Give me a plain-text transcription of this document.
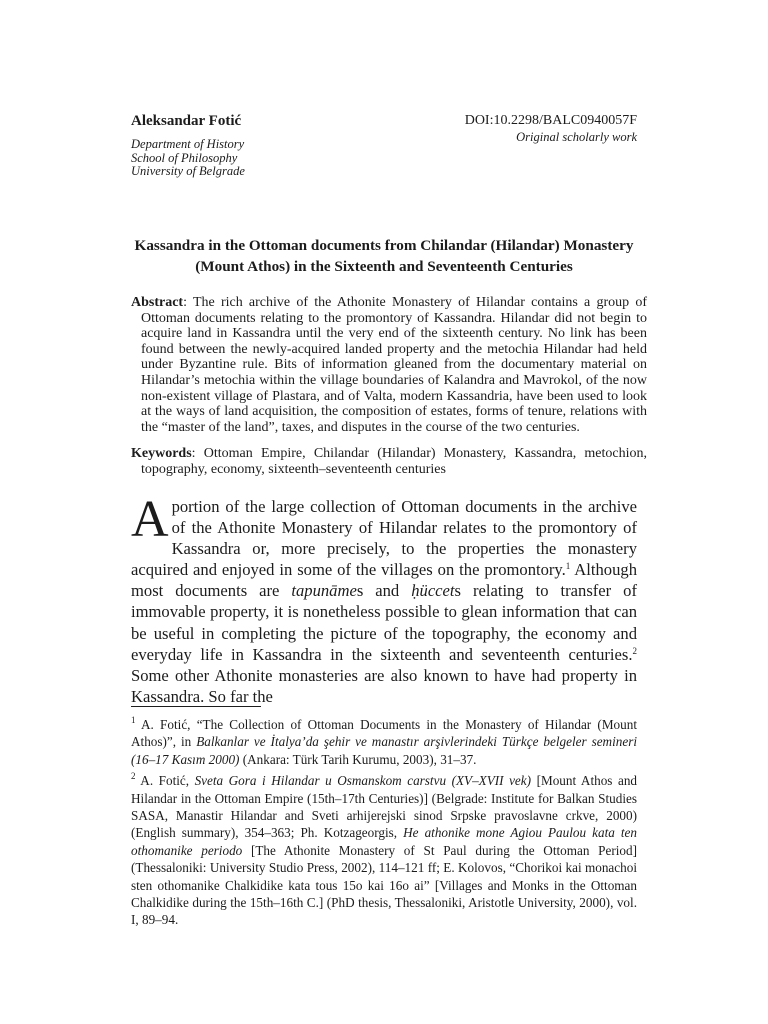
Aleksandar Fotić
Department of History
School of Philosophy
University of Belgrade
DOI:10.2298/BALC0940057F
Original scholarly work
Kassandra in the Ottoman documents from Chilandar (Hilandar) Monastery (Mount Athos) in the Sixteenth and Seventeenth Centuries
Abstract: The rich archive of the Athonite Monastery of Hilandar contains a group of Ottoman documents relating to the promontory of Kassandra. Hilandar did not begin to acquire land in Kassandra until the very end of the sixteenth century. No link has been found between the newly-acquired landed property and the metochia Hilandar had held under Byzantine rule. Bits of information gleaned from the documentary material on Hilandar’s metochia within the village boundaries of Kalandra and Mavrokol, of the now non-existent village of Plastara, and of Valta, modern Kassandria, have been used to look at the ways of land acquisition, the composition of estates, forms of tenure, relations with the “master of the land”, taxes, and disputes in the course of the two centuries.
Keywords: Ottoman Empire, Chilandar (Hilandar) Monastery, Kassandra, metochion, topography, economy, sixteenth–seventeenth centuries
A portion of the large collection of Ottoman documents in the archive of the Athonite Monastery of Hilandar relates to the promontory of Kassandra or, more precisely, to the properties the monastery acquired and enjoyed in some of the villages on the promontory.$^1$ Although most documents are tapunāmes and ḥüccets relating to transfer of immovable property, it is nonetheless possible to glean information that can be useful in completing the picture of the topography, the economy and everyday life in Kassandra in the sixteenth and seventeenth centuries.$^2$ Some other Athonite monasteries are also known to have had property in Kassandra. So far the
$^1$ A. Fotić, “The Collection of Ottoman Documents in the Monastery of Hilandar (Mount Athos)”, in Balkanlar ve İtalya’da şehir ve manastır arşivlerindeki Türkçe belgeler semineri (16–17 Kasım 2000) (Ankara: Türk Tarih Kurumu, 2003), 31–37.
$^2$ A. Fotić, Sveta Gora i Hilandar u Osmanskom carstvu (XV–XVII vek) [Mount Athos and Hilandar in the Ottoman Empire (15th–17th Centuries)] (Belgrade: Institute for Balkan Studies SASA, Manastir Hilandar and Sveti arhijerejski sinod Srpske pravoslavne crkve, 2000) (English summary), 354–363; Ph. Kotzageorgis, He athonike mone Agiou Paulou kata ten othomanike periodo [The Athonite Monastery of St Paul during the Ottoman Period] (Thessaloniki: University Studio Press, 2002), 114–121 ff; E. Kolovos, “Chorikoi kai monachoi sten othomanike Chalkidike kata tous 15o kai 16o ai” [Villages and Monks in the Ottoman Chalkidike during the 15th–16th C.] (PhD thesis, Thessaloniki, Aristotle University, 2000), vol. I, 89–94.
